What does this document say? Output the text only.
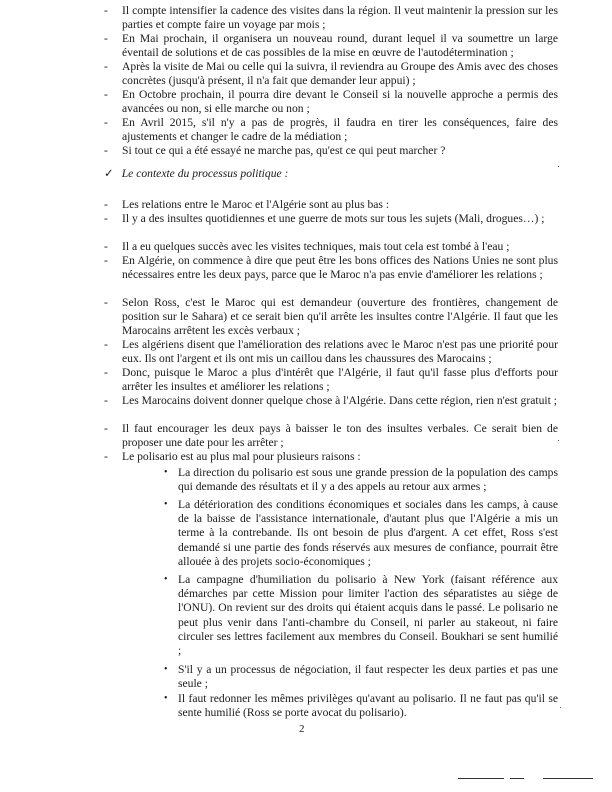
- Il compte intensifier la cadence des visites dans la région. Il veut maintenir la pression sur les parties et compte faire un voyage par mois ;
- En Mai prochain, il organisera un nouveau round, durant lequel il va soumettre un large éventail de solutions et de cas possibles de la mise en œuvre de l'autodétermination ;
- Après la visite de Mai ou celle qui la suivra, il reviendra au Groupe des Amis avec des choses concrètes (jusqu'à présent, il n'a fait que demander leur appui) ;
- En Octobre prochain, il pourra dire devant le Conseil si la nouvelle approche a permis des avancées ou non, si elle marche ou non ;
- En Avril 2015, s'il n'y a pas de progrès, il faudra en tirer les conséquences, faire des ajustements et changer le cadre de la médiation ;
- Si tout ce qui a été essayé ne marche pas, qu'est ce qui peut marcher ?
✓ Le contexte du processus politique :
- Les relations entre le Maroc et l'Algérie sont au plus bas :
- Il y a des insultes quotidiennes et une guerre de mots sur tous les sujets (Mali, drogues…) ;
- Il a eu quelques succès avec les visites techniques, mais tout cela est tombé à l'eau ;
- En Algérie, on commence à dire que peut être les bons offices des Nations Unies ne sont plus nécessaires entre les deux pays, parce que le Maroc n'a pas envie d'améliorer les relations ;
- Selon Ross, c'est le Maroc qui est demandeur (ouverture des frontières, changement de position sur le Sahara) et ce serait bien qu'il arrête les insultes contre l'Algérie. Il faut que les Marocains arrêtent les excès verbaux ;
- Les algériens disent que l'amélioration des relations avec le Maroc n'est pas une priorité pour eux. Ils ont l'argent et ils ont mis un caillou dans les chaussures des Marocains ;
- Donc, puisque le Maroc a plus d'intérêt que l'Algérie, il faut qu'il fasse plus d'efforts pour arrêter les insultes et améliorer les relations ;
- Les Marocains doivent donner quelque chose à l'Algérie. Dans cette région, rien n'est gratuit ;
- Il faut encourager les deux pays à baisser le ton des insultes verbales. Ce serait bien de proposer une date pour les arrêter ;
- Le polisario est au plus mal pour plusieurs raisons :
• La direction du polisario est sous une grande pression de la population des camps qui demande des résultats et il y a des appels au retour aux armes ;
• La détérioration des conditions économiques et sociales dans les camps, à cause de la baisse de l'assistance internationale, d'autant plus que l'Algérie a mis un terme à la contrebande. Ils ont besoin de plus d'argent. A cet effet, Ross s'est demandé si une partie des fonds réservés aux mesures de confiance, pourrait être allouée à des projets socio-économiques ;
• La campagne d'humiliation du polisario à New York (faisant référence aux démarches par cette Mission pour limiter l'action des séparatistes au siège de l'ONU). On revient sur des droits qui étaient acquis dans le passé. Le polisario ne peut plus venir dans l'anti-chambre du Conseil, ni parler au stakeout, ni faire circuler ses lettres facilement aux membres du Conseil. Boukhari se sent humilié ;
• S'il y a un processus de négociation, il faut respecter les deux parties et pas une seule ;
• Il faut redonner les mêmes privilèges qu'avant au polisario. Il ne faut pas qu'il se sente humilié (Ross se porte avocat du polisario).
2
